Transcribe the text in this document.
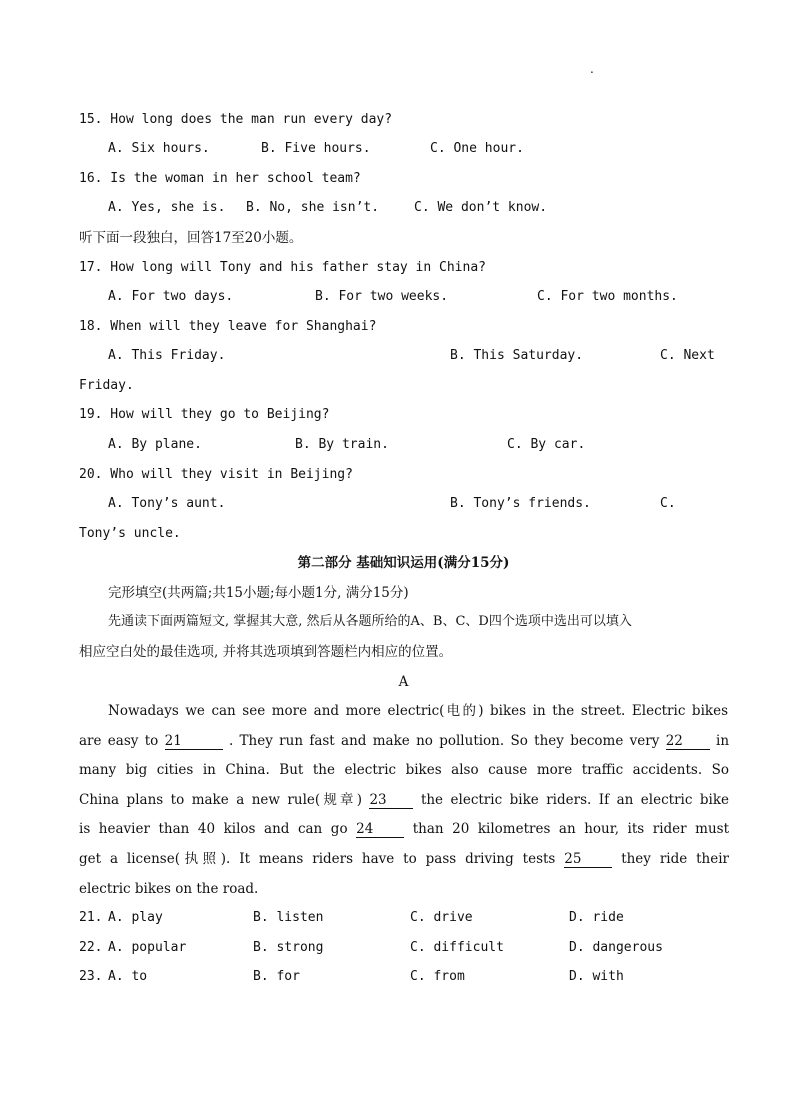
.
15. How long does the man run every day?
A. Six hours.	B. Five hours.	C. One hour.
16. Is the woman in her school team?
A. Yes, she is. B. No, she isn’t.	C. We don’t know.
听下面一段独白，回答17至20小题。
17. How long will Tony and his father stay in China?
A. For two days.	B. For two weeks.	C. For two months.
18. When will they leave for Shanghai?
A. This Friday.	B. This Saturday.	C. Next
Friday.
19. How will they go to Beijing?
A. By plane.	B. By train.	C. By car.
20. Who will they visit in Beijing?
A. Tony’s aunt.	B. Tony’s friends.	C.
Tony’s uncle.
第二部分 基础知识运用(满分15分)
完形填空(共两篇;共15小题;每小题1分, 满分15分)
先通读下面两篇短文, 掌握其大意, 然后从各题所给的A、B、C、D四个选项中选出可以填入
相应空白处的最佳选项, 并将其选项填到答题栏内相应的位置。
A
Nowadays we can see more and more electric(电的) bikes in the street. Electric bikes
are easy to 21	. They run fast and make no pollution. So they become very 22 in
many big cities in China. But the electric bikes also cause more traffic accidents. So
China plans to make a new rule(规章) 23	the electric bike riders. If an electric bike
is heavier than 40 kilos and can go 24	than 20 kilometres an hour, its rider must
get a license(执照). It means riders have to pass driving tests 25	they ride their
electric bikes on the road.
21. A. play	B. listen	C. drive	D. ride
22. A. popular	B. strong	C. difficult	D. dangerous
23. A. to	B. for	C. from	D. with
